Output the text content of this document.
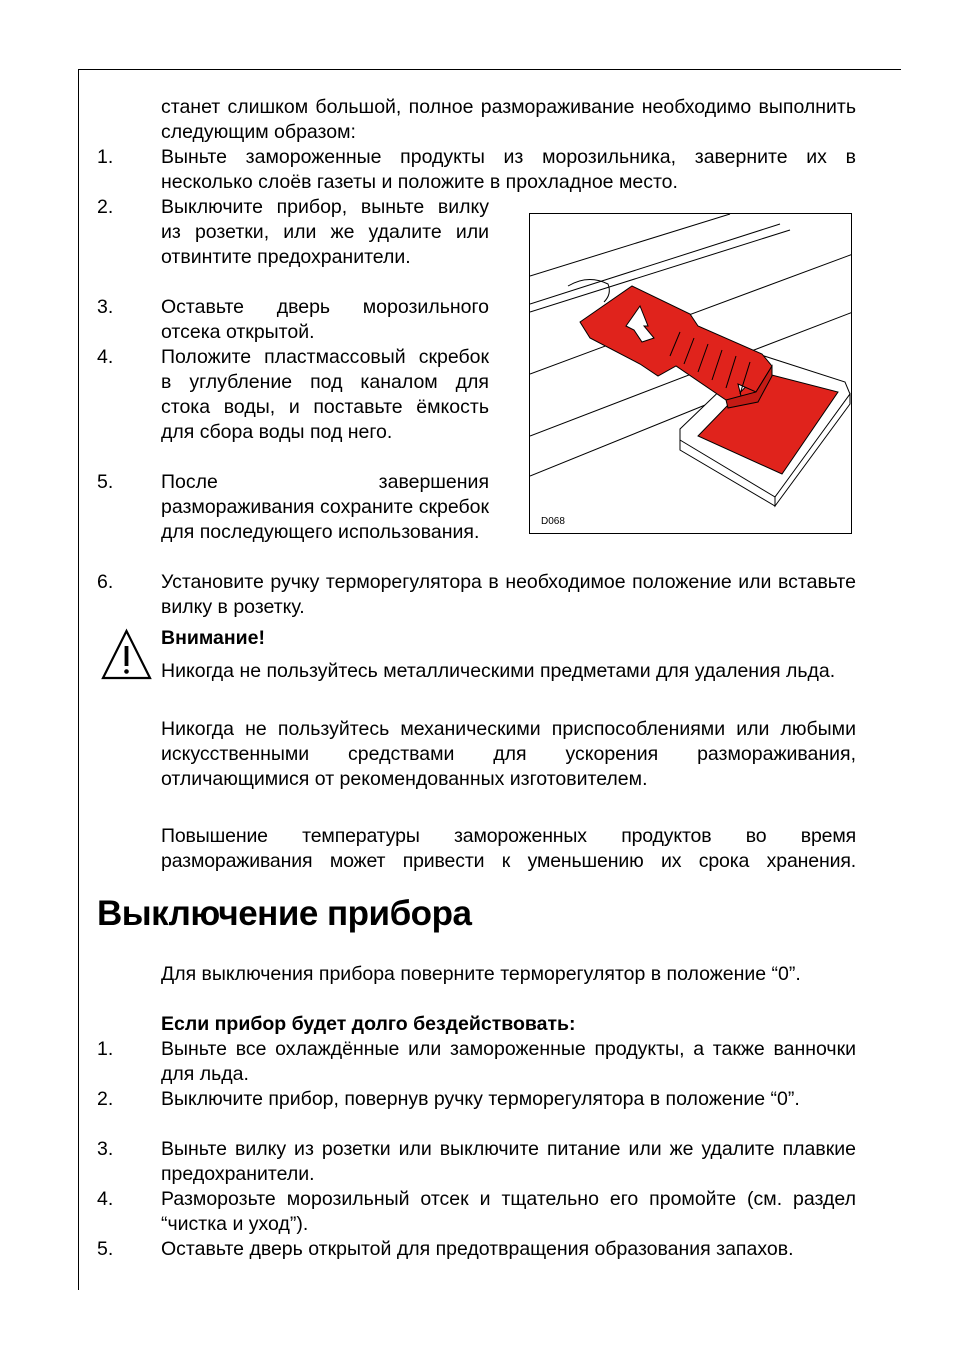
станет слишком большой, полное размораживание необходимо выполнить следующим образом:
1. Выньте замороженные продукты из морозильника, заверните их в несколько слоёв газеты и положите в прохладное место.
2. Выключите прибор, выньте вилку из розетки, или же удалите или отвинтите предохранители.
3. Оставьте дверь морозильного отсека открытой.
4. Положите пластмассовый скребок в углубление под каналом для стока воды, и поставьте ёмкость для сбора воды под него.
5. После завершения размораживания сохраните скребок для последующего использования.
6. Установите ручку терморегулятора в необходимое положение или вставьте вилку в розетку.
D068
Внимание!
Никогда не пользуйтесь металлическими предметами для удаления льда.
Никогда не пользуйтесь механическими приспособлениями или любыми искусственными средствами для ускорения размораживания, отличающимися от рекомендованных изготовителем.
Повышение температуры замороженных продуктов во время размораживания может привести к уменьшению их срока хранения.
Выключение прибора
Для выключения прибора поверните терморегулятор в положение “0”.
Если прибор будет долго бездействовать:
1. Выньте все охлаждённые или замороженные продукты, а также ванночки для льда.
2. Выключите прибор, повернув ручку терморегулятора в положение “0”.
3. Выньте вилку из розетки или выключите питание или же удалите плавкие предохранители.
4. Разморозьте морозильный отсек и тщательно его промойте (см. раздел “чистка и уход”).
5. Оставьте дверь открытой для предотвращения образования запахов.
